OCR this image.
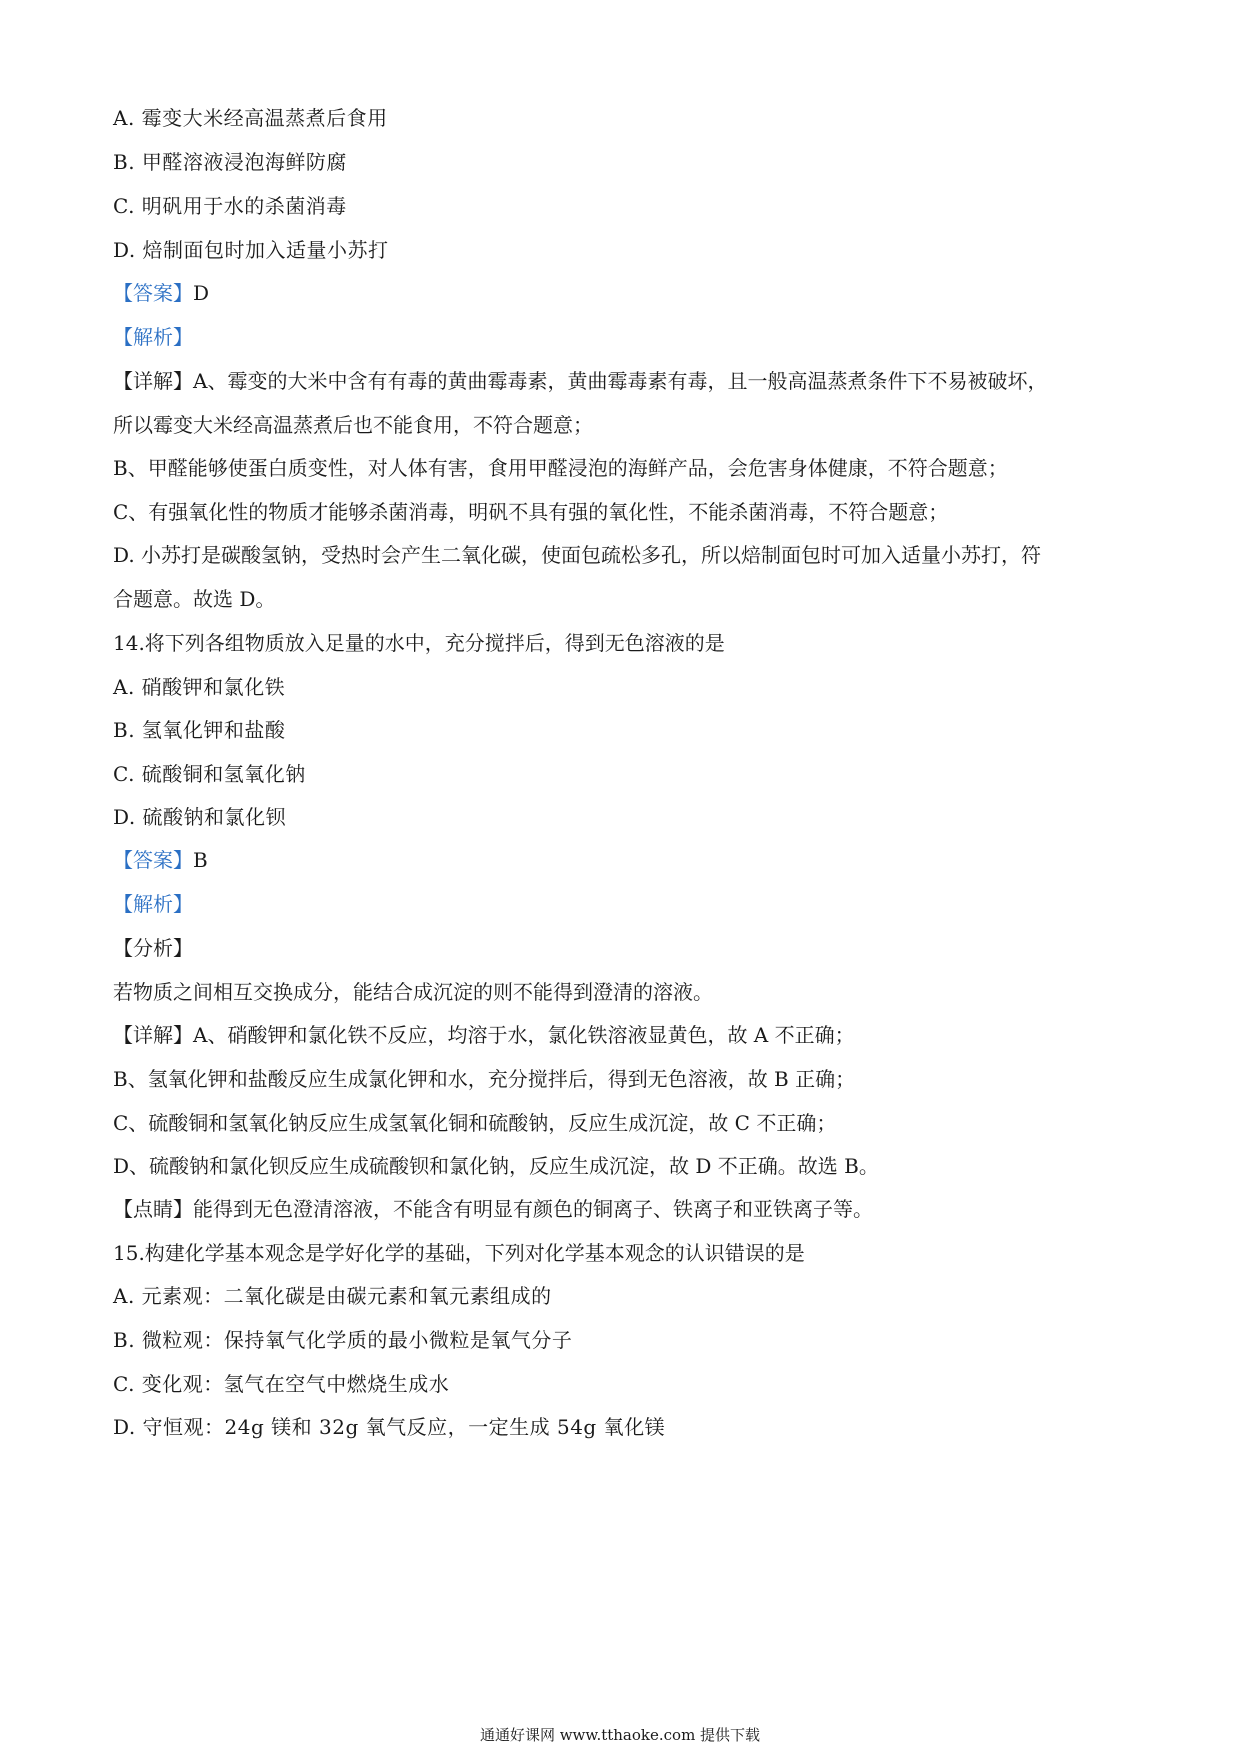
A. 霉变大米经高温蒸煮后食用
B. 甲醛溶液浸泡海鲜防腐
C. 明矾用于水的杀菌消毒
D. 焙制面包时加入适量小苏打
【答案】D
【解析】
【详解】A、霉变的大米中含有有毒的黄曲霉毒素，黄曲霉毒素有毒，且一般高温蒸煮条件下不易被破坏，
所以霉变大米经高温蒸煮后也不能食用，不符合题意；
B、甲醛能够使蛋白质变性，对人体有害，食用甲醛浸泡的海鲜产品，会危害身体健康，不符合题意；
C、有强氧化性的物质才能够杀菌消毒，明矾不具有强的氧化性，不能杀菌消毒，不符合题意；
D. 小苏打是碳酸氢钠，受热时会产生二氧化碳，使面包疏松多孔，所以焙制面包时可加入适量小苏打，符
合题意。故选 D。
14.将下列各组物质放入足量的水中，充分搅拌后，得到无色溶液的是
A. 硝酸钾和氯化铁
B. 氢氧化钾和盐酸
C. 硫酸铜和氢氧化钠
D. 硫酸钠和氯化钡
【答案】B
【解析】
【分析】
若物质之间相互交换成分，能结合成沉淀的则不能得到澄清的溶液。
【详解】A、硝酸钾和氯化铁不反应，均溶于水，氯化铁溶液显黄色，故 A 不正确；
B、氢氧化钾和盐酸反应生成氯化钾和水，充分搅拌后，得到无色溶液，故 B 正确；
C、硫酸铜和氢氧化钠反应生成氢氧化铜和硫酸钠，反应生成沉淀，故 C 不正确；
D、硫酸钠和氯化钡反应生成硫酸钡和氯化钠，反应生成沉淀，故 D 不正确。故选 B。
【点睛】能得到无色澄清溶液，不能含有明显有颜色的铜离子、铁离子和亚铁离子等。
15.构建化学基本观念是学好化学的基础，下列对化学基本观念的认识错误的是
A. 元素观：二氧化碳是由碳元素和氧元素组成的
B. 微粒观：保持氧气化学质的最小微粒是氧气分子
C. 变化观：氢气在空气中燃烧生成水
D. 守恒观：24g 镁和 32g 氧气反应，一定生成 54g 氧化镁
通通好课网 www.tthaoke.com 提供下载
